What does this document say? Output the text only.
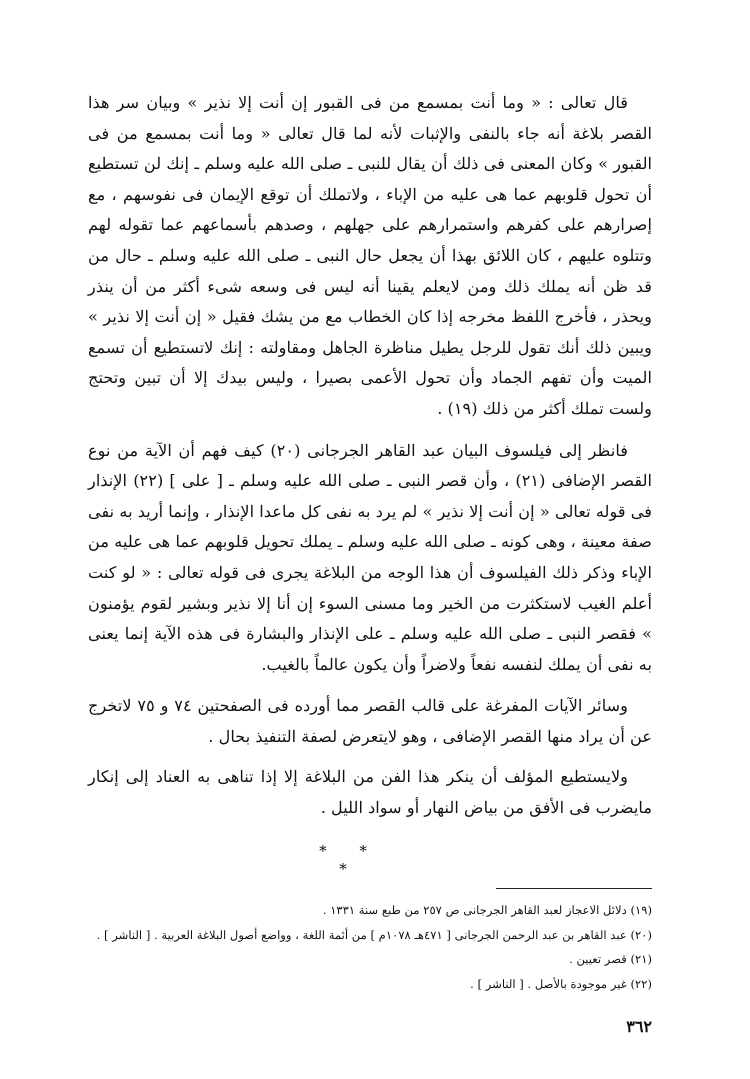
قال تعالى : « وما أنت بمسمع من فى القبور إن أنت إلا نذير » وبيان سر هذا القصر بلاغة أنه جاء بالنفى والإثبات لأنه لما قال تعالى « وما أنت بمسمع من فى القبور » وكان المعنى فى ذلك أن يقال للنبى ـ صلى الله عليه وسلم ـ إنك لن تستطيع أن تحول قلوبهم عما هى عليه من الإباء ، ولاتملك أن توقع الإيمان فى نفوسهم ، مع إصرارهم على كفرهم واستمرارهم على جهلهم ، وصدهم بأسماعهم عما تقوله لهم وتتلوه عليهم ، كان اللائق بهذا أن يجعل حال النبى ـ صلى الله عليه وسلم ـ حال من قد ظن أنه يملك ذلك ومن لايعلم يقينا أنه ليس فى وسعه شىء أكثر من أن ينذر ويحذر ، فأخرج اللفظ مخرجه إذا كان الخطاب مع من يشك فقيل « إن أنت إلا نذير » ويبين ذلك أنك تقول للرجل يطيل مناظرة الجاهل ومقاولته : إنك لاتستطيع أن تسمع الميت وأن تفهم الجماد وأن تحول الأعمى بصيرا ، وليس بيدك إلا أن تبين وتحتج ولست تملك أكثر من ذلك (١٩) .

فانظر إلى فيلسوف البيان عبد القاهر الجرجانى (٢٠) كيف فهم أن الآية من نوع القصر الإضافى (٢١) ، وأن قصر النبى ـ صلى الله عليه وسلم ـ [ على ] (٢٢) الإنذار فى قوله تعالى « إن أنت إلا نذير » لم يرد به نفى كل ماعدا الإنذار ، وإنما أريد به نفى صفة معينة ، وهى كونه ـ صلى الله عليه وسلم ـ يملك تحويل قلوبهم عما هى عليه من الإباء وذكر ذلك الفيلسوف أن هذا الوجه من البلاغة يجرى فى قوله تعالى : « لو كنت أعلم الغيب لاستكثرت من الخير وما مسنى السوء إن أنا إلا نذير وبشير لقوم يؤمنون » فقصر النبى ـ صلى الله عليه وسلم ـ على الإنذار والبشارة فى هذه الآية إنما يعنى به نفى أن يملك لنفسه نفعاً ولاضراً وأن يكون عالماً بالغيب.

وسائر الآيات المفرغة على قالب القصر مما أورده فى الصفحتين ٧٤ و ٧٥ لاتخرج عن أن يراد منها القصر الإضافى ، وهو لايتعرض لصفة التنفيذ بحال .

ولايستطيع المؤلف أن ينكر هذا الفن من البلاغة إلا إذا تناهى به العناد إلى إنكار مايضرب فى الأفق من بياض النهار أو سواد الليل .

* * *

(١٩) دلائل الاعجاز لعبد القاهر الجرجانى ص ٢٥٧ من طبع سنة ١٣٣١ .

(٢٠) عبد القاهر بن عبد الرحمن الجرجانى [ ٤٧١هـ ١٠٧٨م ] من أئمة اللغة ، وواضع أصول البلاغة العربية . [ الناشر ] .

(٢١) قصر تعيين .

(٢٢) غير موجودة بالأصل . [ الناشر ] .

٣٦٢
